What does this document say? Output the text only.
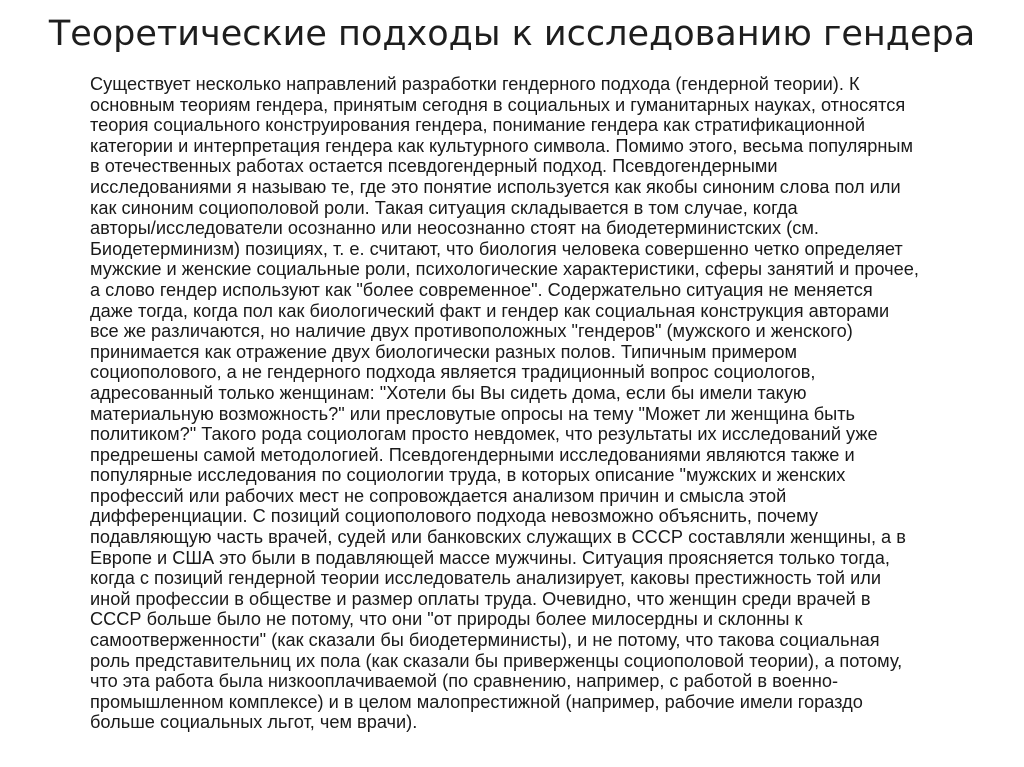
Теоретические подходы к исследованию гендера
Существует несколько направлений разработки гендерного подхода (гендерной теории). К
основным теориям гендера, принятым сегодня в социальных и гуманитарных науках, относятся
теория социального конструирования гендера, понимание гендера как стратификационной
категории и интерпретация гендера как культурного символа. Помимо этого, весьма популярным
в отечественных работах остается псевдогендерный подход. Псевдогендерными
исследованиями я называю те, где это понятие используется как якобы синоним слова пол или
как синоним социополовой роли. Такая ситуация складывается в том случае, когда
авторы/исследователи осознанно или неосознанно стоят на биодетерминистских (см.
Биодетерминизм) позициях, т. е. считают, что биология человека совершенно четко определяет
мужские и женские социальные роли, психологические характеристики, сферы занятий и прочее,
а слово гендер используют как "более современное". Содержательно ситуация не меняется
даже тогда, когда пол как биологический факт и гендер как социальная конструкция авторами
все же различаются, но наличие двух противоположных "гендеров" (мужского и женского)
принимается как отражение двух биологически разных полов. Типичным примером
социополового, а не гендерного подхода является традиционный вопрос социологов,
адресованный только женщинам: "Хотели бы Вы сидеть дома, если бы имели такую
материальную возможность?" или пресловутые опросы на тему "Может ли женщина быть
политиком?" Такого рода социологам просто невдомек, что результаты их исследований уже
предрешены самой методологией. Псевдогендерными исследованиями являются также и
популярные исследования по социологии труда, в которых описание "мужских и женских
профессий или рабочих мест не сопровождается анализом причин и смысла этой
дифференциации. С позиций социополового подхода невозможно объяснить, почему
подавляющую часть врачей, судей или банковских служащих в СССР составляли женщины, а в
Европе и США это были в подавляющей массе мужчины. Ситуация проясняется только тогда,
когда с позиций гендерной теории исследователь анализирует, каковы престижность той или
иной профессии в обществе и размер оплаты труда. Очевидно, что женщин среди врачей в
СССР больше было не потому, что они "от природы более милосердны и склонны к
самоотверженности" (как сказали бы биодетерминисты), и не потому, что такова социальная
роль представительниц их пола (как сказали бы приверженцы социополовой теории), а потому,
что эта работа была низкооплачиваемой (по сравнению, например, с работой в военно-
промышленном комплексе) и в целом малопрестижной (например, рабочие имели гораздо
больше социальных льгот, чем врачи).
